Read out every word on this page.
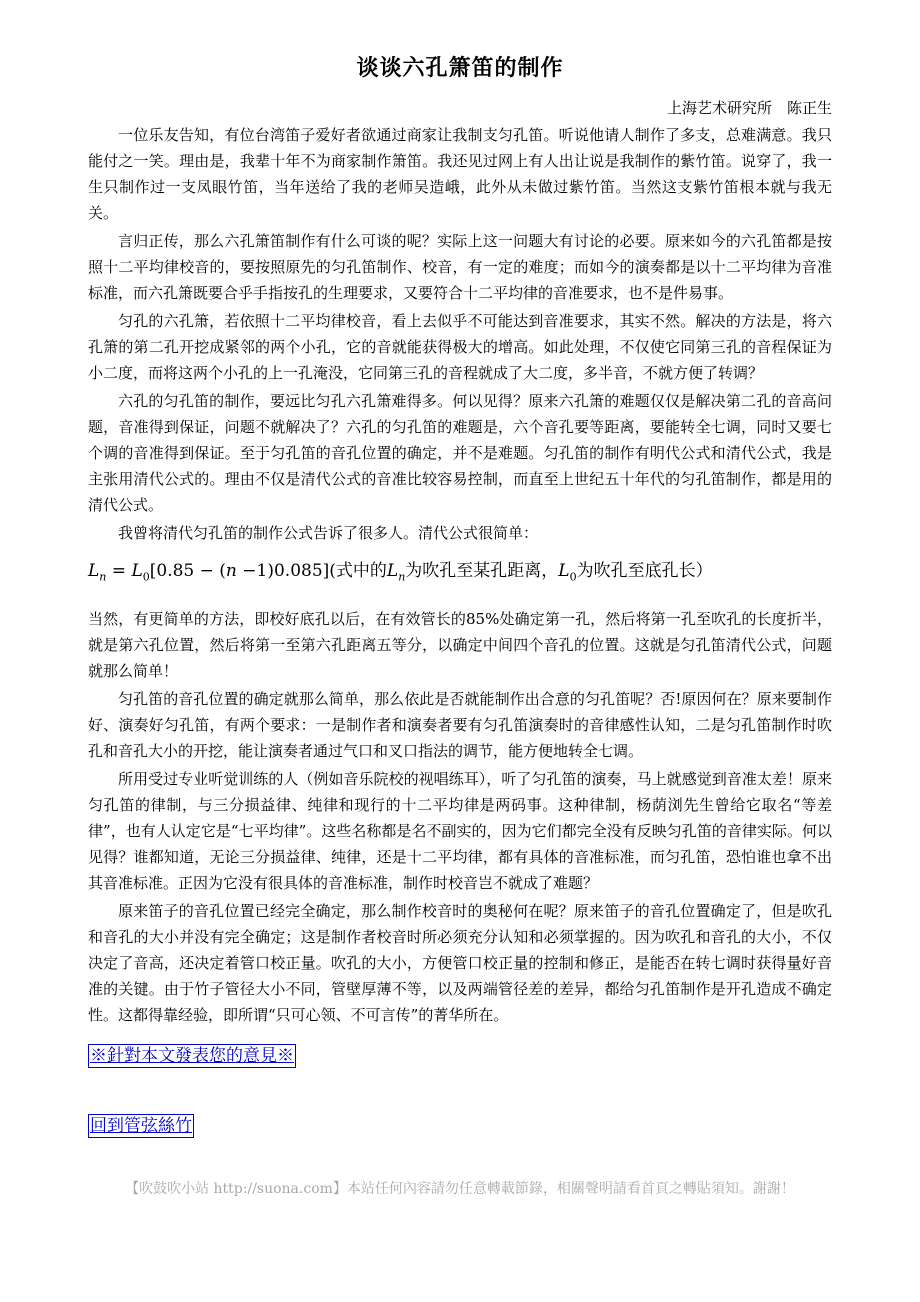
谈谈六孔箫笛的制作
上海艺术研究所　陈正生

一位乐友告知，有位台湾笛子爱好者欲通过商家让我制支匀孔笛。听说他请人制作了多支，总难满意。我只能付之一笑。理由是，我辈十年不为商家制作箫笛。我还见过网上有人出让说是我制作的紫竹笛。说穿了，我一生只制作过一支凤眼竹笛，当年送给了我的老师吴造峨，此外从未做过紫竹笛。当然这支紫竹笛根本就与我无关。

言归正传，那么六孔箫笛制作有什么可谈的呢？实际上这一问题大有讨论的必要。原来如今的六孔笛都是按照十二平均律校音的，要按照原先的匀孔笛制作、校音，有一定的难度；而如今的演奏都是以十二平均律为音准标准，而六孔箫既要合乎手指按孔的生理要求，又要符合十二平均律的音准要求，也不是件易事。

匀孔的六孔箫，若依照十二平均律校音，看上去似乎不可能达到音准要求，其实不然。解决的方法是，将六孔箫的第二孔开挖成紧邻的两个小孔，它的音就能获得极大的增高。如此处理，不仅使它同第三孔的音程保证为小二度，而将这两个小孔的上一孔淹没，它同第三孔的音程就成了大二度，多半音，不就方便了转调？

六孔的匀孔笛的制作，要远比匀孔六孔箫难得多。何以见得？原来六孔箫的难题仅仅是解决第二孔的音高问题，音准得到保证，问题不就解决了？六孔的匀孔笛的难题是，六个音孔要等距离，要能转全七调，同时又要七个调的音准得到保证。至于匀孔笛的音孔位置的确定，并不是难题。匀孔笛的制作有明代公式和清代公式，我是主张用清代公式的。理由不仅是清代公式的音准比较容易控制，而直至上世纪五十年代的匀孔笛制作，都是用的清代公式。

我曾将清代匀孔笛的制作公式告诉了很多人。清代公式很简单：

$L_n = L_0[0.85 - (n -1)0.085]$(式中的$L_n$为吹孔至某孔距离，$L_0$为吹孔至底孔长）

当然，有更简单的方法，即校好底孔以后，在有效管长的85%处确定第一孔，然后将第一孔至吹孔的长度折半，就是第六孔位置，然后将第一至第六孔距离五等分，以确定中间四个音孔的位置。这就是匀孔笛清代公式，问题就那么简单！

匀孔笛的音孔位置的确定就那么简单，那么依此是否就能制作出合意的匀孔笛呢？否!原因何在？原来要制作好、演奏好匀孔笛，有两个要求：一是制作者和演奏者要有匀孔笛演奏时的音律感性认知，二是匀孔笛制作时吹孔和音孔大小的开挖，能让演奏者通过气口和叉口指法的调节，能方便地转全七调。

所用受过专业听觉训练的人（例如音乐院校的视唱练耳），听了匀孔笛的演奏，马上就感觉到音准太差！原来匀孔笛的律制，与三分损益律、纯律和现行的十二平均律是两码事。这种律制，杨荫浏先生曾给它取名“等差律”，也有人认定它是“七平均律”。这些名称都是名不副实的，因为它们都完全没有反映匀孔笛的音律实际。何以见得？谁都知道，无论三分损益律、纯律，还是十二平均律，都有具体的音准标准，而匀孔笛，恐怕谁也拿不出其音准标准。正因为它没有很具体的音准标准，制作时校音岂不就成了难题？

原来笛子的音孔位置已经完全确定，那么制作校音时的奥秘何在呢？原来笛子的音孔位置确定了，但是吹孔和音孔的大小并没有完全确定；这是制作者校音时所必须充分认知和必须掌握的。因为吹孔和音孔的大小，不仅决定了音高，还决定着管口校正量。吹孔的大小，方便管口校正量的控制和修正，是能否在转七调时获得量好音准的关键。由于竹子管径大小不同，管壁厚薄不等，以及两端管径差的差异，都给匀孔笛制作是开孔造成不确定性。这都得靠经验，即所谓“只可心领、不可言传”的菁华所在。

※針對本文發表您的意見※
回到管弦絲竹
【吹鼓吹小站 http://suona.com】本站任何內容請勿任意轉載節錄，相關聲明請看首頁之轉貼須知。謝謝！
